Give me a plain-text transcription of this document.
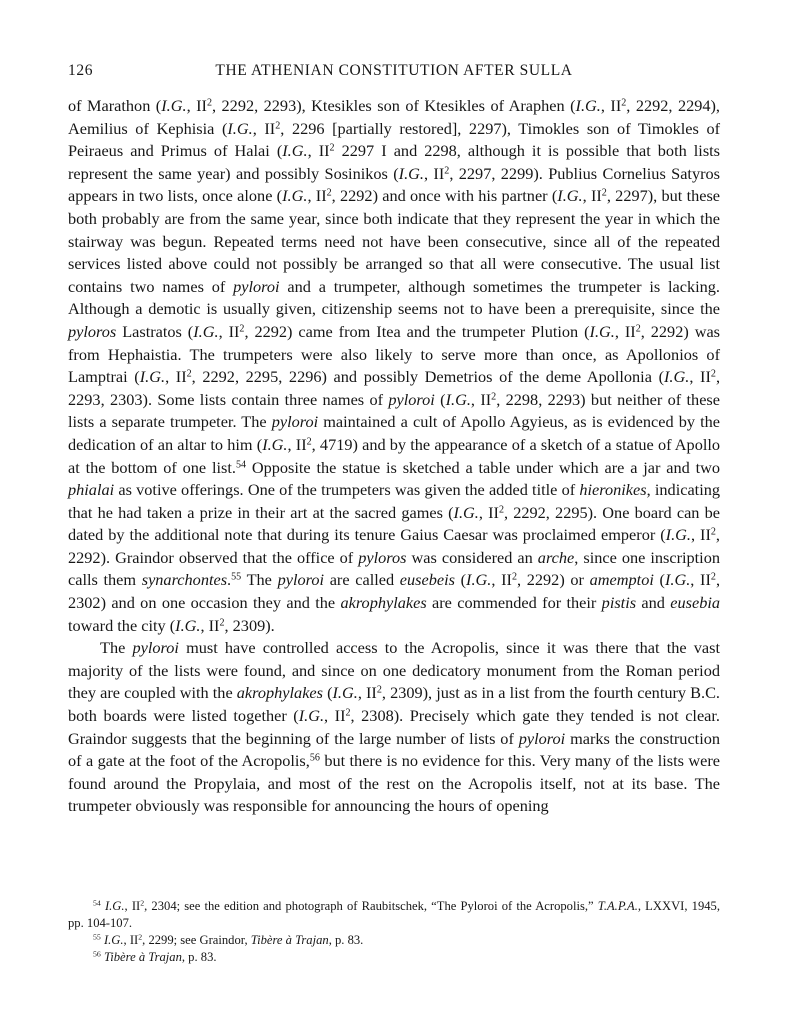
126	THE ATHENIAN CONSTITUTION AFTER SULLA

of Marathon (I.G., $II^2$, 2292, 2293), Ktesikles son of Ktesikles of Araphen (I.G., $II^2$, 2292, 2294), Aemilius of Kephisia (I.G., $II^2$, 2296 [partially restored], 2297), Timokles son of Timokles of Peiraeus and Primus of Halai (I.G., $II^2$ 2297 I and 2298, although it is possible that both lists represent the same year) and possibly Sosinikos (I.G., $II^2$, 2297, 2299). Publius Cornelius Satyros appears in two lists, once alone (I.G., $II^2$, 2292) and once with his partner (I.G., $II^2$, 2297), but these both probably are from the same year, since both indicate that they represent the year in which the stairway was begun. Repeated terms need not have been consecutive, since all of the repeated services listed above could not possibly be arranged so that all were consecutive. The usual list contains two names of pyloroi and a trumpeter, although sometimes the trumpeter is lacking. Although a demotic is usually given, citizenship seems not to have been a prerequisite, since the pyloros Lastratos (I.G., $II^2$, 2292) came from Itea and the trumpeter Plution (I.G., $II^2$, 2292) was from Hephaistia. The trumpeters were also likely to serve more than once, as Apollonios of Lamptrai (I.G., $II^2$, 2292, 2295, 2296) and possibly Demetrios of the deme Apollonia (I.G., $II^2$, 2293, 2303). Some lists contain three names of pyloroi (I.G., $II^2$, 2298, 2293) but neither of these lists a separate trumpeter. The pyloroi maintained a cult of Apollo Agyieus, as is evidenced by the dedication of an altar to him (I.G., $II^2$, 4719) and by the appearance of a sketch of a statue of Apollo at the bottom of one list.$^{54}$ Opposite the statue is sketched a table under which are a jar and two phialai as votive offerings. One of the trumpeters was given the added title of hieronikes, indicating that he had taken a prize in their art at the sacred games (I.G., $II^2$, 2292, 2295). One board can be dated by the additional note that during its tenure Gaius Caesar was proclaimed emperor (I.G., $II^2$, 2292). Graindor observed that the office of pyloros was considered an arche, since one inscription calls them synarchontes.$^{55}$ The pyloroi are called eusebeis (I.G., $II^2$, 2292) or amemptoi (I.G., $II^2$, 2302) and on one occasion they and the akrophylakes are commended for their pistis and eusebia toward the city (I.G., $II^2$, 2309).

The pyloroi must have controlled access to the Acropolis, since it was there that the vast majority of the lists were found, and since on one dedicatory monument from the Roman period they are coupled with the akrophylakes (I.G., $II^2$, 2309), just as in a list from the fourth century B.C. both boards were listed together (I.G., $II^2$, 2308). Precisely which gate they tended is not clear. Graindor suggests that the beginning of the large number of lists of pyloroi marks the construction of a gate at the foot of the Acropolis,$^{56}$ but there is no evidence for this. Very many of the lists were found around the Propylaia, and most of the rest on the Acropolis itself, not at its base. The trumpeter obviously was responsible for announcing the hours of opening

$^{54}$ I.G., $II^2$, 2304; see the edition and photograph of Raubitschek, “The Pyloroi of the Acropolis,” T.A.P.A., LXXVI, 1945, pp. 104-107.

$^{55}$ I.G., $II^2$, 2299; see Graindor, Tibère à Trajan, p. 83.

$^{56}$ Tibère à Trajan, p. 83.
